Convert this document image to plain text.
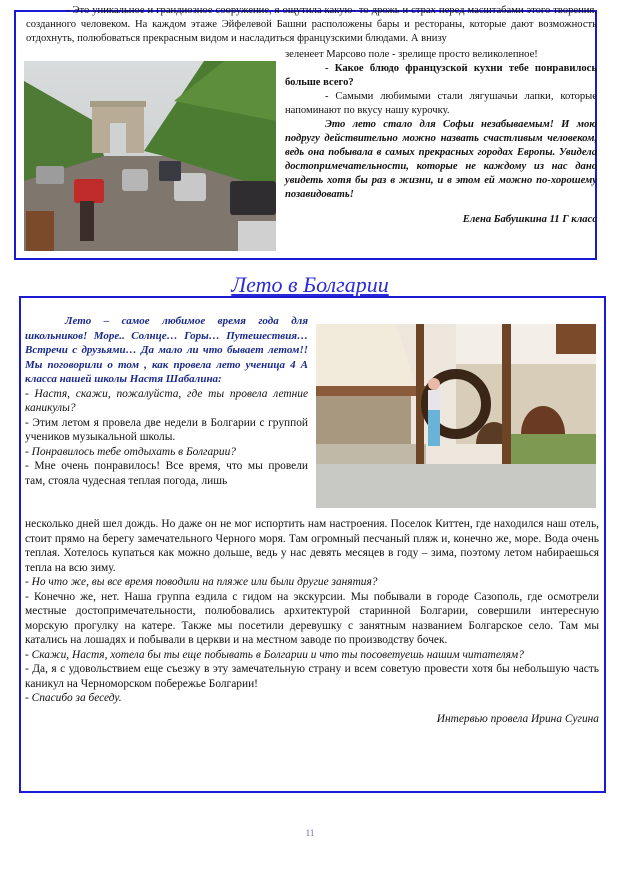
- Это уникальное и грандиозное сооружение, я ощутила какую- то дрожь и страх перед масштабами этого творения, созданного человеком. На каждом этаже Эйфелевой Башни расположены бары и рестораны, которые дают возможность отдохнуть, полюбоваться прекрасным видом и насладиться французскими блюдами. А внизу

зеленеет Марсово поле - зрелище просто великолепное!

- Какое блюдо французской кухни тебе понравилось больше всего?

- Самыми любимыми стали лягушачьи лапки, которые напоминают по вкусу нашу курочку.

Это лето стало для Софьи незабываемым! И мою подругу действительно можно назвать счастливым человеком, ведь она побывала в самых прекрасных городах Европы. Увидела достопримечательности, которые не каждому из нас дано увидеть хотя бы раз в жизни, и в этом ей можно по-хорошему позавидовать!

Елена Бабушкина 11 Г класс

Лето в Болгарии

Лето – самое любимое время года для школьников! Море.. Солнце… Горы… Путешествия… Встречи с друзьями… Да мало ли что бывает летом!! Мы поговорили о том , как провела лето ученица 4 А класса нашей школы Настя Шабалина:

- Настя, скажи, пожалуйста, где ты провела летние каникулы?

- Этим летом я провела две недели в Болгарии с группой учеников музыкальной школы.

- Понравилось тебе отдыхать в Болгарии?

- Мне очень понравилось! Все время, что мы провели там, стояла чудесная теплая погода, лишь

несколько дней шел дождь. Но даже он не мог испортить нам настроения. Поселок Киттен, где находился наш отель, стоит прямо на берегу замечательного Черного моря. Там огромный песчаный пляж и, конечно же, море. Вода очень теплая. Хотелось купаться как можно дольше, ведь у нас девять месяцев в году – зима, поэтому летом набираешься тепла на всю зиму.

- Но что же, вы все время поводили на пляже или были другие занятия?

- Конечно же, нет. Наша группа ездила с гидом на экскурсии. Мы побывали в городе Сазополь, где осмотрели местные достопримечательности, полюбовались архитектурой старинной Болгарии, совершили интересную морскую прогулку на катере. Также мы посетили деревушку с занятным названием Болгарское село. Там мы катались на лошадях и побывали в церкви и на местном заводе по производству бочек.

- Скажи, Настя, хотела бы ты еще побывать в Болгарии и что ты посоветуешь нашим читателям?

- Да, я с удовольствием еще съезжу в эту замечательную страну и всем советую провести хотя бы небольшую часть каникул на Черноморском побережье Болгарии!

- Спасибо за беседу.

Интервью провела Ирина Сугина

11
